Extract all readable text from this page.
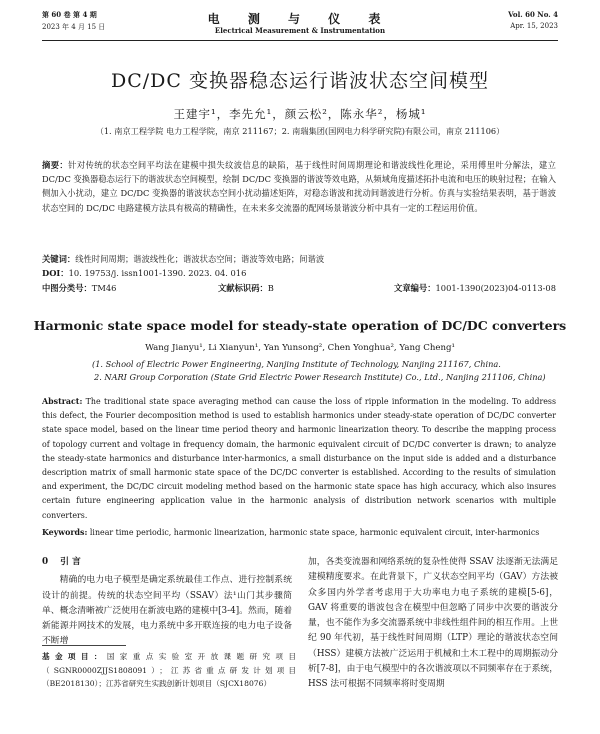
第 60 卷 第 4 期
2023 年 4 月 15 日
电 测 与 仪 表
Electrical Measurement & Instrumentation
Vol. 60 No. 4
Apr. 15, 2023
DC/DC 变换器稳态运行谐波状态空间模型
王建宇¹，李先允¹，颜云松²，陈永华²，杨城¹
（1. 南京工程学院 电力工程学院，南京 211167；2. 南瑞集团(国网电力科学研究院)有限公司，南京 211106）
摘要：针对传统的状态空间平均法在建模中损失纹波信息的缺陷，基于线性时间周期理论和谐波线性化理论，采用傅里叶分解法，建立 DC/DC 变换器稳态运行下的谐波状态空间模型，绘制 DC/DC 变换器的谐波等效电路，从频域角度描述拓扑电流和电压的映射过程；在输入侧加入小扰动，建立 DC/DC 变换器的谐波状态空间小扰动描述矩阵，对稳态谐波和扰动间谐波进行分析。仿真与实验结果表明，基于谐波状态空间的 DC/DC 电路建模方法具有极高的精确性，在未来多交流器的配网场景谐波分析中具有一定的工程运用价值。
关键词：线性时间周期；谐波线性化；谐波状态空间；谐波等效电路；间谐波
DOI：10. 19753/j. issn1001-1390. 2023. 04. 016
中图分类号：TM46	文献标识码：B	文章编号：1001-1390(2023)04-0113-08
Harmonic state space model for steady-state operation of DC/DC converters
Wang Jianyu¹, Li Xianyun¹, Yan Yunsong², Chen Yonghua², Yang Cheng¹
(1. School of Electric Power Engineering, Nanjing Institute of Technology, Nanjing 211167, China.
2. NARI Group Corporation (State Grid Electric Power Research Institute) Co., Ltd., Nanjing 211106, China)
Abstract: The traditional state space averaging method can cause the loss of ripple information in the modeling. To address this defect, the Fourier decomposition method is used to establish harmonics under steady-state operation of DC/DC converter state space model, based on the linear time period theory and harmonic linearization theory. To describe the mapping process of topology current and voltage in frequency domain, the harmonic equivalent circuit of DC/DC converter is drawn; to analyze the steady-state harmonics and disturbance inter-harmonics, a small disturbance on the input side is added and a disturbance description matrix of small harmonic state space of the DC/DC converter is established. According to the results of simulation and experiment, the DC/DC circuit modeling method based on the harmonic state space has high accuracy, which also insures certain future engineering application value in the harmonic analysis of distribution network scenarios with multiple converters.
Keywords: linear time periodic, harmonic linearization, harmonic state space, harmonic equivalent circuit, inter-harmonics
0 引 言

精确的电力电子模型是确定系统最佳工作点、进行控制系统设计的前提。传统的状态空间平均（SSAV）法¹山门其步骤简单、概念清晰被广泛使用在新波电路的建模中[3-4]。然而，随着新能源并网技术的发展，电力系统中多开联连接的电力电子设备不断增

加，各类变流器和网络系统的复杂性使得 SSAV 法逐渐无法满足建模精度要求。在此背景下，广义状态空间平均（GAV）方法被众多国内外学者考虑用于大功率电力电子系统的建模[5-6]，GAV 将重要的谐波包含在模型中但忽略了同步中次要的谐波分量，也不能作为多交流器系统中非线性组件间的相互作用。上世纪 90 年代初，基于线性时间周期（LTP）理论的谐波状态空间（HSS）建模方法被广泛运用于机械和土木工程中的周期振动分析[7-8]，由于电气模型中的各次谐波项以不同频率存在于系统，HSS 法可根据不同频率将时变周期

基金项目：国家重点实验室开放课题研究项目（SGNR0000ZJJS1808091）；江苏省重点研发计划项目（BE2018130）；江苏省研究生实践创新计划项目（SJCX18076）
